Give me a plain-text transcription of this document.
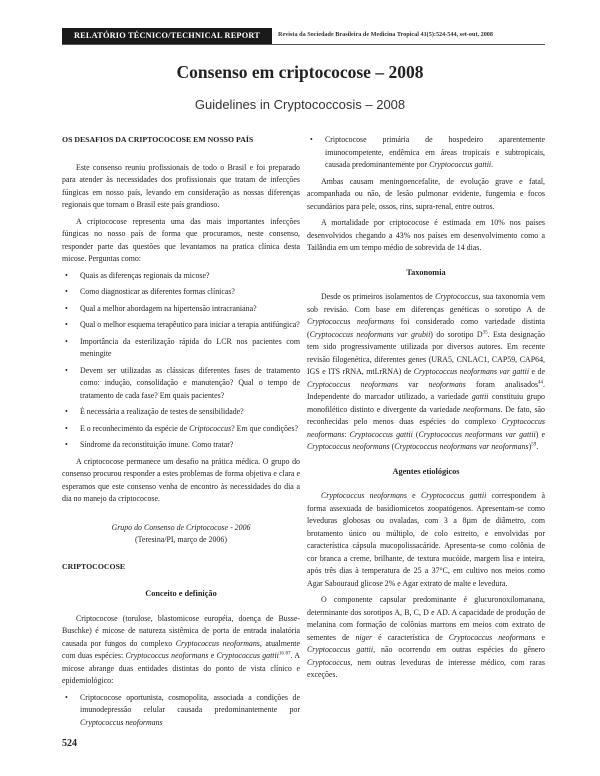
RELATÓRIO TÉCNICO/TECHNICAL REPORT	Revista da Sociedade Brasileira de Medicina Tropical 41(5):524-544, set-out, 2008
Consenso em criptococose – 2008
Guidelines in Cryptococcosis – 2008
OS DESAFIOS DA CRIPTOCOCOSE EM NOSSO PAÍS
Este consenso reuniu profissionais de todo o Brasil e foi preparado para atender às necessidades dos profissionais que tratam de infecções fúngicas em nosso país, levando em consideração as nossas diferenças regionais que tornam o Brasil este país grandioso.
A criptococose representa uma das mais importantes infecções fúngicas no nosso país de forma que procuramos, neste consenso, responder parte das questões que levantamos na pratica clínica desta micose. Perguntas como:
• Quais as diferenças regionais da micose?
• Como diagnosticar as diferentes formas clínicas?
• Qual a melhor abordagem na hipertensão intracraniana?
• Qual o melhor esquema terapêutico para iniciar a terapia antifúngica?
• Importância da esterilização rápida do LCR nos pacientes com meningite
• Devem ser utilizadas as clássicas diferentes fases de tratamento como: indução, consolidação e manutenção? Qual o tempo de tratamento de cada fase? Em quais pacientes?
• É necessária a realização de testes de sensibilidade?
• E o reconhecimento da espécie de Criptococcus? Em que condições?
• Síndrome da reconstituição imune. Como tratar?
A criptococose permanece um desafio na prática médica. O grupo do consenso procurou responder a estes problemas de forma objetiva e clara e esperamos que este consenso venha de encontro às necessidades do dia a dia no manejo da criptococose.
Grupo do Consenso de Criptococose - 2006
(Teresina/PI, março de 2006)
CRIPTOCOCOSE
Conceito e definição
Criptococose (torulose, blastomicose européia, doença de Busse-Buschke) é micose de natureza sistêmica de porta de entrada inalatória causada por fungos do complexo Cryptococcus neoformans, atualmente com duas espécies: Cryptococcus neoformans e Cryptococcus gattii$^{16 87}$. A micose abrange duas entidades distintas do ponto de vista clínico e epidemiológico:
• Criptococose oportunista, cosmopolita, associada a condições de imunodepressão celular causada predominantemente por Cryptococcus neoformans
• Criptococose primária de hospedeiro aparentemente imunocompetente, endêmica em áreas tropicais e subtropicais, causada predominantemente por Cryptococcus gattii.
Ambas causam meningoencefalite, de evolução grave e fatal, acompanhada ou não, de lesão pulmonar evidente, fungemia e focos secundários para pele, ossos, rins, supra-renal, entre outros.
A mortalidade por criptococose é estimada em 10% nos países desenvolvidos chegando a 43% nos países em desenvolvimento como a Tailândia em um tempo médio de sobrevida de 14 dias.
Taxonomia
Desde os primeiros isolamentos de Cryptococcus, sua taxonomia vem sob revisão. Com base em diferenças genéticas o sorotipo A de Cryptococcus neoformans foi considerado como variedade distinta (Cryptococcus neoformans var grubii) do sorotipo $D^{35}$. Esta designação tem sido progressivamente utilizada por diversos autores. Em recente revisão filogenética, diferentes genes (URA5, CNLAC1, CAP59, CAP64, IGS e ITS rRNA, mtLrRNA) de Cryptococcus neoformans var gattii e de Cryptococcus neoformans var neoformans foram analisados$^{44}$. Independente do marcador utilizado, a variedade gattii constituiu grupo monofilético distinto e divergente da variedade neoformans. De fato, são reconhecidas pelo menos duas espécies do complexo Cryptococcus neoformans: Cryptococcus gattii (Cryptococcus neoformans var gattii) e Cryptococcus neoformans (Cryptococcus neoformans var neoformans)$^{59}$.
Agentes etiológicos
Cryptococcus neoformans e Cryptococcus gattii correspondem à forma assexuada de basidiomicetos zoopatógenos. Apresentam-se como leveduras globosas ou ovaladas, com 3 a 8µm de diâmetro, com brotamento único ou múltiplo, de colo estreito, e envolvidas por característica cápsula mucopolissacáride. Apresenta-se como colônia de cor branca a creme, brilhante, de textura mucóide, margem lisa e inteira, após três dias à temperatura de 25 a 37°C, em cultivo nos meios como Agar Sabouraud glicose 2% e Agar extrato de malte e levedura.
O componente capsular predominante é glucuronoxilomanana, determinante dos sorotipos A, B, C, D e AD. A capacidade de produção de melanina com formação de colônias marrons em meios com extrato de sementes de niger é característica de Cryptococcus neoformans e Cryptococcus gattii, não ocorrendo em outras espécies do gênero Cryptococcus, nem outras leveduras de interesse médico, com raras exceções.
524
